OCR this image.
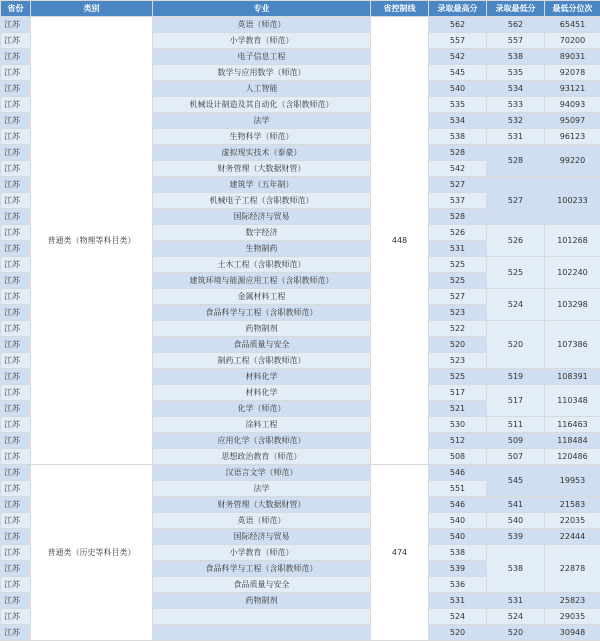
省份	类别	专业	省控制线	录取最高分	录取最低分	最低分位次
江苏	普通类（物理等科目类）	英语（师范）	448	562	562	65451
江苏		小学教育（师范）		557	557	70200
江苏		电子信息工程		542	538	89031
江苏		数学与应用数学（师范）		545	535	92078
江苏		人工智能		540	534	93121
江苏		机械设计制造及其自动化（含职教师范）		535	533	94093
江苏		法学		534	532	95097
江苏		生物科学（师范）		538	531	96123
江苏		虚拟现实技术（泰豪）		528	528	99220
江苏		财务管理（大数据财管）		542		
江苏		建筑学（五年制）		527	527	100233
江苏		机械电子工程（含职教师范）		537		
江苏		国际经济与贸易		528		
江苏		数字经济		526	526	101268
江苏		生物制药		531		
江苏		土木工程（含职教师范）		525	525	102240
江苏		建筑环境与能源应用工程（含职教师范）		525		
江苏		金属材料工程		527	524	103298
江苏		食品科学与工程（含职教师范）		523		
江苏		药物制剂		522	520	107386
江苏		食品质量与安全		520		
江苏		制药工程（含职教师范）		523		
江苏		材料化学		525	519	108391
江苏		材料化学		517	517	110348
江苏		化学（师范）		521		
江苏		涂料工程		530	511	116463
江苏		应用化学（含职教师范）		512	509	118484
江苏		思想政治教育（师范）		508	507	120486
江苏	普通类（历史等科目类）	汉语言文学（师范）	474	546	545	19953
江苏		法学		551		
江苏		财务管理（大数据财管）		546	541	21583
江苏		英语（师范）		540	540	22035
江苏		国际经济与贸易		540	539	22444
江苏		小学教育（师范）		538	538	22878
江苏		食品科学与工程（含职教师范）		539		
江苏		食品质量与安全		536		
江苏		药物制剂		531	531	25823
江苏				524	524	29035
江苏				520	520	30948
